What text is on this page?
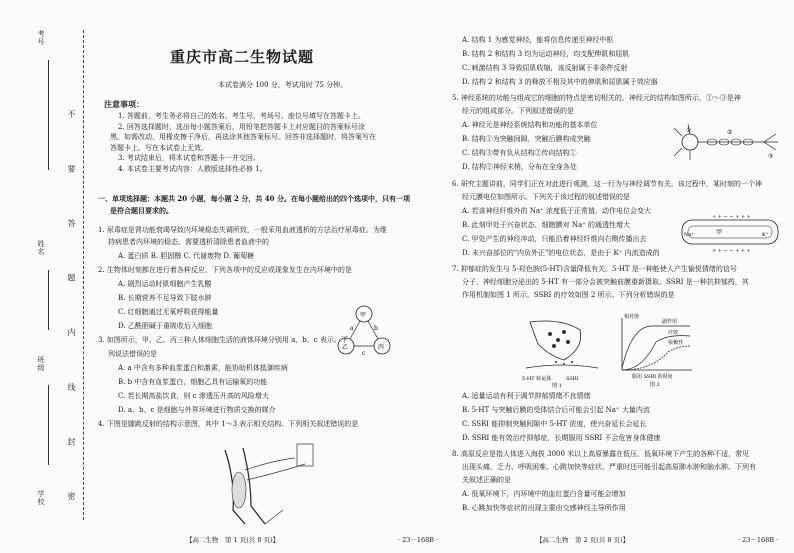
考号
姓名
班级
学校	不 要 答 题 内 线 封 密
重庆市高二生物试题
本试卷满分 100 分，考试用时 75 分钟。
注意事项：
1. 答题前，考生务必将自己的姓名、考生号、考场号、座位号填写在答题卡上。
2. 回答选择题时，选出每小题答案后，用铅笔把答题卡上对应题目的答案标号涂
黑。如需改动，用橡皮擦干净后，再选涂其他答案标号。回答非选择题时，将答案写在
答题卡上。写在本试卷上无效。
3. 考试结束后，将本试卷和答题卡一并交回。
4. 本试卷主要考试内容：人教版选择性必修 1。
一、单项选择题：本题共 20 小题，每小题 2 分，共 40 分。在每小题给出的四个选项中，只有一项
是符合题目要求的。
1. 尿毒症是肾功能衰竭导致内环境稳态失调所致，一般采用血液透析的方法治疗尿毒症。为维
持病患者内环境的稳态，需要透析清除患者血液中的
A. 蛋白质 B. 胆固醇 C. 代谢废物 D. 葡萄糖
2. 生物体时刻都在进行着各种反应，下列各项中的反应或现象发生在内环境中的是
A. 剧烈运动时肌细胞产生乳酸
B. 长期营养不足导致下肢水肿
C. 红细胞通过无氧呼吸获得能量
D. 乙酰胆碱于重吸收后入细胞
3. 如图所示，甲、乙、丙三种人体细胞生活的液体环境分别用 a、b、c 表示。下
列说法错误的是
A. a 中含有多种血浆蛋白和激素，能协助机体抵御疾病
B. b 中含有血浆蛋白，细胞乙具有运输氧的功能
C. 若长期高盐饮食，则 c 渗透压升高的风险增大
D. a、b、c 是细胞与外界环境进行物质交换的媒介
4. 下图是膝跳反射的结构示意图，其中 1～3 表示相关结构。下列相关叙述错误的是
A. 结构 1 为感觉神经，能将信息传递至神经中枢
B. 结构 2 和结构 3 均为运动神经，均支配伸肌和屈肌
C. 刺激结构 3 导致屈肌收缩，该反射属于非条件反射
D. 结构 2 和结构 3 的释放不相及其中的伸肌和屈肌属于效应器
5. 神经系统的功能与组成它的细胞的特点是密切相关的。神经元的结构如图所示，①～③是神
经元的组成部分。下列叙述错误的是
A. 神经元是神经系统结构和功能的基本单位
B. 结构①为突触间隙，突触后膜构成突触
C. 结构③带有负从结构②传向结构①
D. 结构②神经末梢，分布在全身各处
6. 研究主题讲前，同学们正在对此进行观测，这一行为与神经调节有关。该过程中，某时刻的一个神
经元膜电位如图所示。下列关于该过程的叙述错误的是
A. 若该神经纤维外的 Na⁺ 浓度低于正常值，动作电位会变大
B. 此刻甲处于兴奋状态，细胞膜对 Na⁺ 的通透性增大
C. 甲处产生的神经冲动，只能沿着神经纤维向右侧传播出去
D. 未兴奋部位的"内负外正"的电位状态，是由于 K⁺ 内流造成的
7. 抑郁症的发生与 5-羟色胺(5-HT)含量降低有关。5-HT 是一种能使人产生愉悦情绪的信号
分子，神经细胞分泌出的 5-HT 有一部分会被突触前膜重新摄取。SSRI 是一种抗抑郁药，其
作用机制如图 1 所示。SSRI 的疗效如图 2 所示。下列分析错误的是
A. 适量运动有利于调节抑郁情绪不良情绪
B. 5-HT 与突触后膜的受体结合后可能会引起 Na⁺ 大量内流
C. SSRI 能抑制突触间隙中 5-HT 浓度，使兴奋延长会延长
D. SSRI 能有效治疗抑郁症，长期服用 SSRI 不会危害身体健康
8. 高原反应是指人体进入海拔 3000 米以上高原暴露在低压、低氧环境下产生的各种不适，常见
出现头痛、乏力、呼吸困难、心跳加快等症状，严重时还可能引起高原肺水肿和脑水肿。下列有
关叙述正确的是
A. 低氧环境下，内环境中的血红蛋白含量可能会增加
B. 心跳加快等症状的出现主要由交感神经主导所作用
甲
乙	丙
a	b
c
①	②
③
+ + − − + + +
+ + − − + + +
甲
Na⁺	K⁺
5-HT 转运体	SSRI
图 1
相对值
副作用
疗效
依赖性
服用 SSRI 的时间
图 2
【高二生物　第 1 页(共 8 页)】	· 23－168B ·	【高二生物　第 2 页(共 8 页)】	· 23－168B ·
